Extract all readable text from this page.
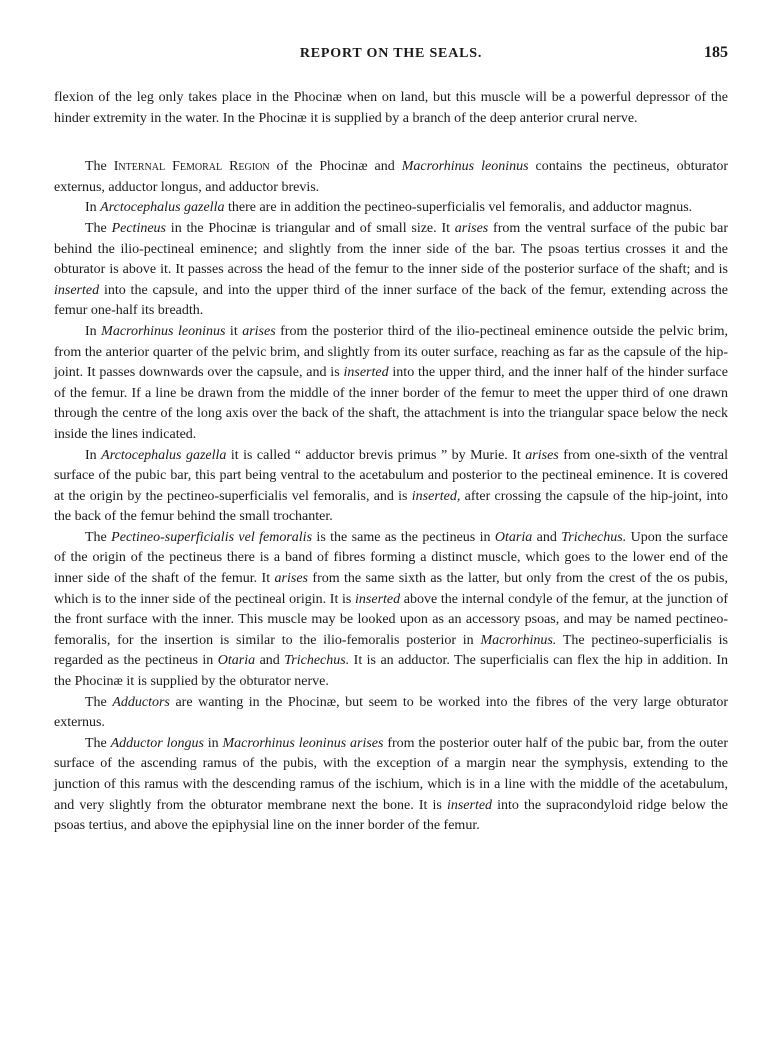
REPORT ON THE SEALS.	185

flexion of the leg only takes place in the Phocinæ when on land, but this muscle will be a powerful depressor of the hinder extremity in the water. In the Phocinæ it is supplied by a branch of the deep anterior crural nerve.

The Internal Femoral Region of the Phocinæ and Macrorhinus leoninus contains the pectineus, obturator externus, adductor longus, and adductor brevis.

In Arctocephalus gazella there are in addition the pectineo-superficialis vel femoralis, and adductor magnus.

The Pectineus in the Phocinæ is triangular and of small size. It arises from the ventral surface of the pubic bar behind the ilio-pectineal eminence; and slightly from the inner side of the bar. The psoas tertius crosses it and the obturator is above it. It passes across the head of the femur to the inner side of the posterior surface of the shaft; and is inserted into the capsule, and into the upper third of the inner surface of the back of the femur, extending across the femur one-half its breadth.

In Macrorhinus leoninus it arises from the posterior third of the ilio-pectineal eminence outside the pelvic brim, from the anterior quarter of the pelvic brim, and slightly from its outer surface, reaching as far as the capsule of the hip-joint. It passes downwards over the capsule, and is inserted into the upper third, and the inner half of the hinder surface of the femur. If a line be drawn from the middle of the inner border of the femur to meet the upper third of one drawn through the centre of the long axis over the back of the shaft, the attachment is into the triangular space below the neck inside the lines indicated.

In Arctocephalus gazella it is called “ adductor brevis primus ” by Murie. It arises from one-sixth of the ventral surface of the pubic bar, this part being ventral to the acetabulum and posterior to the pectineal eminence. It is covered at the origin by the pectineo-superficialis vel femoralis, and is inserted, after crossing the capsule of the hip-joint, into the back of the femur behind the small trochanter.

The Pectineo-superficialis vel femoralis is the same as the pectineus in Otaria and Trichechus. Upon the surface of the origin of the pectineus there is a band of fibres forming a distinct muscle, which goes to the lower end of the inner side of the shaft of the femur. It arises from the same sixth as the latter, but only from the crest of the os pubis, which is to the inner side of the pectineal origin. It is inserted above the internal condyle of the femur, at the junction of the front surface with the inner. This muscle may be looked upon as an accessory psoas, and may be named pectineo-femoralis, for the insertion is similar to the ilio-femoralis posterior in Macrorhinus. The pectineo-superficialis is regarded as the pectineus in Otaria and Trichechus. It is an adductor. The superficialis can flex the hip in addition. In the Phocinæ it is supplied by the obturator nerve.

The Adductors are wanting in the Phocinæ, but seem to be worked into the fibres of the very large obturator externus.

The Adductor longus in Macrorhinus leoninus arises from the posterior outer half of the pubic bar, from the outer surface of the ascending ramus of the pubis, with the exception of a margin near the symphysis, extending to the junction of this ramus with the descending ramus of the ischium, which is in a line with the middle of the acetabulum, and very slightly from the obturator membrane next the bone. It is inserted into the supracondyloid ridge below the psoas tertius, and above the epiphysial line on the inner border of the femur.
